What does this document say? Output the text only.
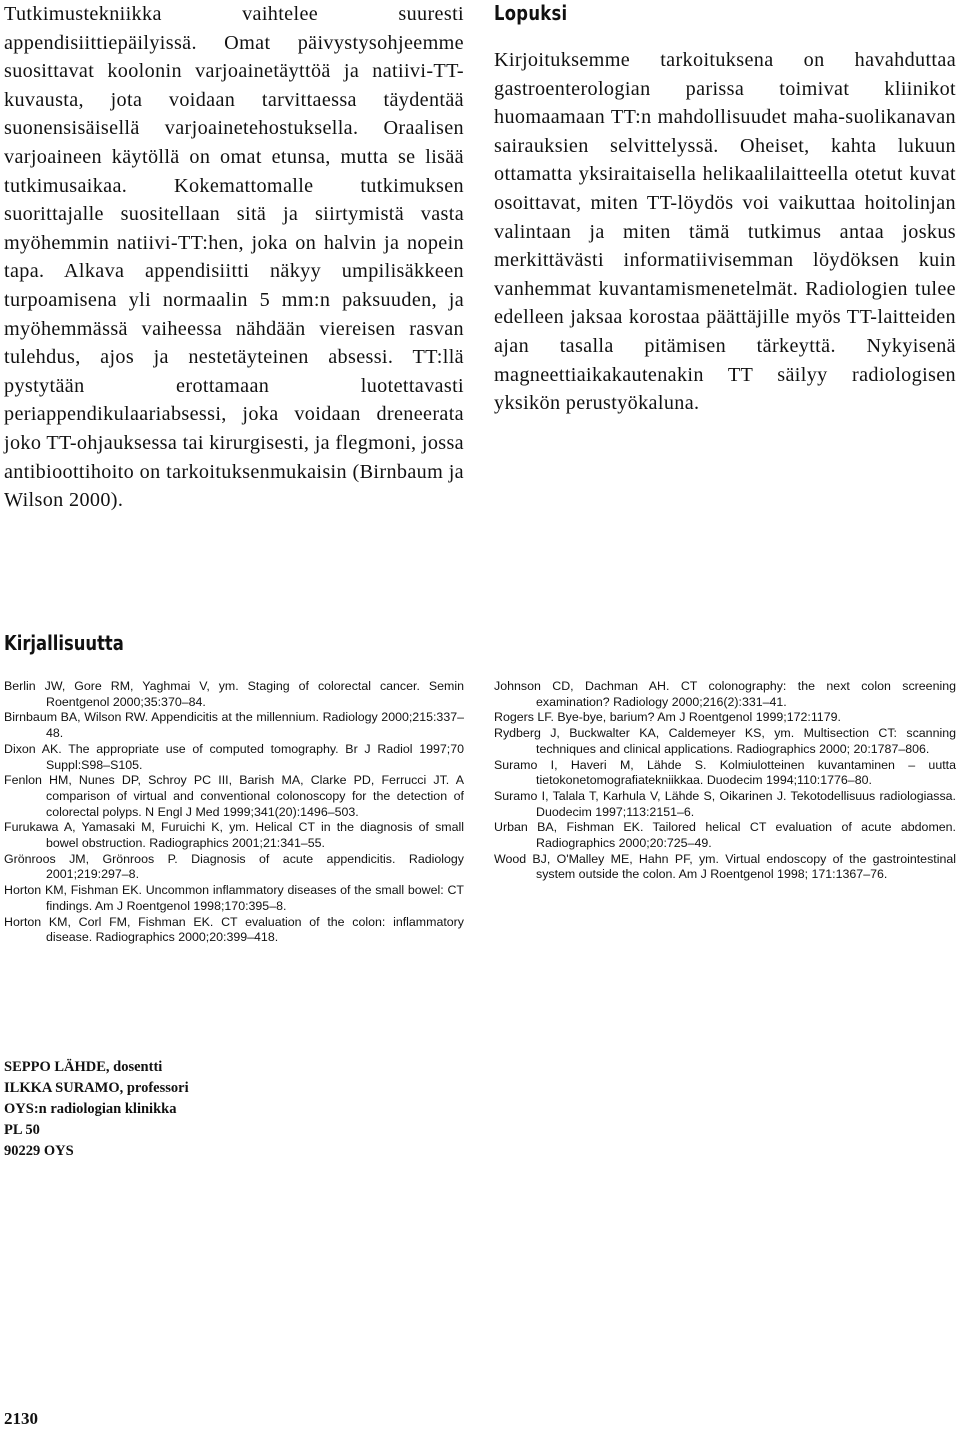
Tutkimustekniikka vaihtelee suuresti appendisiittiepäilyissä. Omat päivystysohjeemme suosittavat koolonin varjoainetäyttöä ja natiivi-TT-kuvausta, jota voidaan tarvittaessa täydentää suonensisäisellä varjoainetehostuksella. Oraalisen varjoaineen käytöllä on omat etunsa, mutta se lisää tutkimusaikaa. Kokemattomalle tutkimuksen suorittajalle suositellaan sitä ja siirtymistä vasta myöhemmin natiivi-TT:hen, joka on halvin ja nopein tapa. Alkava appendisiitti näkyy umpilisäkkeen turpoamisena yli normaalin 5 mm:n paksuuden, ja myöhemmässä vaiheessa nähdään viereisen rasvan tulehdus, ajos ja nestetäyteinen absessi. TT:llä pystytään erottamaan luotettavasti periappendikulaariabsessi, joka voidaan dreneerata joko TT-ohjauksessa tai kirurgisesti, ja flegmoni, jossa antibioottihoito on tarkoituksenmukaisin (Birnbaum ja Wilson 2000).

Lopuksi

Kirjoituksemme tarkoituksena on havahduttaa gastroenterologian parissa toimivat kliinikot huomaamaan TT:n mahdollisuudet maha-suolikanavan sairauksien selvittelyssä. Oheiset, kahta lukuun ottamatta yksiraitaisella helikaalilaitteella otetut kuvat osoittavat, miten TT-löydös voi vaikuttaa hoitolinjan valintaan ja miten tämä tutkimus antaa joskus merkittävästi informatiivisemman löydöksen kuin vanhemmat kuvantamismenetelmät. Radiologien tulee edelleen jaksaa korostaa päättäjille myös TT-laitteiden ajan tasalla pitämisen tärkeyttä. Nykyisenä magneettiaikakautenakin TT säilyy radiologisen yksikön perustyökaluna.

Kirjallisuutta

Berlin JW, Gore RM, Yaghmai V, ym. Staging of colorectal cancer. Semin Roentgenol 2000;35:370–84.

Birnbaum BA, Wilson RW. Appendicitis at the millennium. Radiology 2000;215:337–48.

Dixon AK. The appropriate use of computed tomography. Br J Radiol 1997;70 Suppl:S98–S105.

Fenlon HM, Nunes DP, Schroy PC III, Barish MA, Clarke PD, Ferrucci JT. A comparison of virtual and conventional colonoscopy for the detection of colorectal polyps. N Engl J Med 1999;341(20):1496–503.

Furukawa A, Yamasaki M, Furuichi K, ym. Helical CT in the diagnosis of small bowel obstruction. Radiographics 2001;21:341–55.

Grönroos JM, Grönroos P. Diagnosis of acute appendicitis. Radiology 2001;219:297–8.

Horton KM, Fishman EK. Uncommon inflammatory diseases of the small bowel: CT findings. Am J Roentgenol 1998;170:395–8.

Horton KM, Corl FM, Fishman EK. CT evaluation of the colon: inflammatory disease. Radiographics 2000;20:399–418.

Johnson CD, Dachman AH. CT colonography: the next colon screening examination? Radiology 2000;216(2):331–41.

Rogers LF. Bye-bye, barium? Am J Roentgenol 1999;172:1179.

Rydberg J, Buckwalter KA, Caldemeyer KS, ym. Multisection CT: scanning techniques and clinical applications. Radiographics 2000; 20:1787–806.

Suramo I, Haveri M, Lähde S. Kolmiulotteinen kuvantaminen – uutta tietokonetomografiatekniikkaa. Duodecim 1994;110:1776–80.

Suramo I, Talala T, Karhula V, Lähde S, Oikarinen J. Tekotodellisuus radiologiassa. Duodecim 1997;113:2151–6.

Urban BA, Fishman EK. Tailored helical CT evaluation of acute abdomen. Radiographics 2000;20:725–49.

Wood BJ, O'Malley ME, Hahn PF, ym. Virtual endoscopy of the gastrointestinal system outside the colon. Am J Roentgenol 1998; 171:1367–76.

SEPPO LÄHDE, dosentti
ILKKA SURAMO, professori
OYS:n radiologian klinikka
PL 50
90229 OYS
2130
